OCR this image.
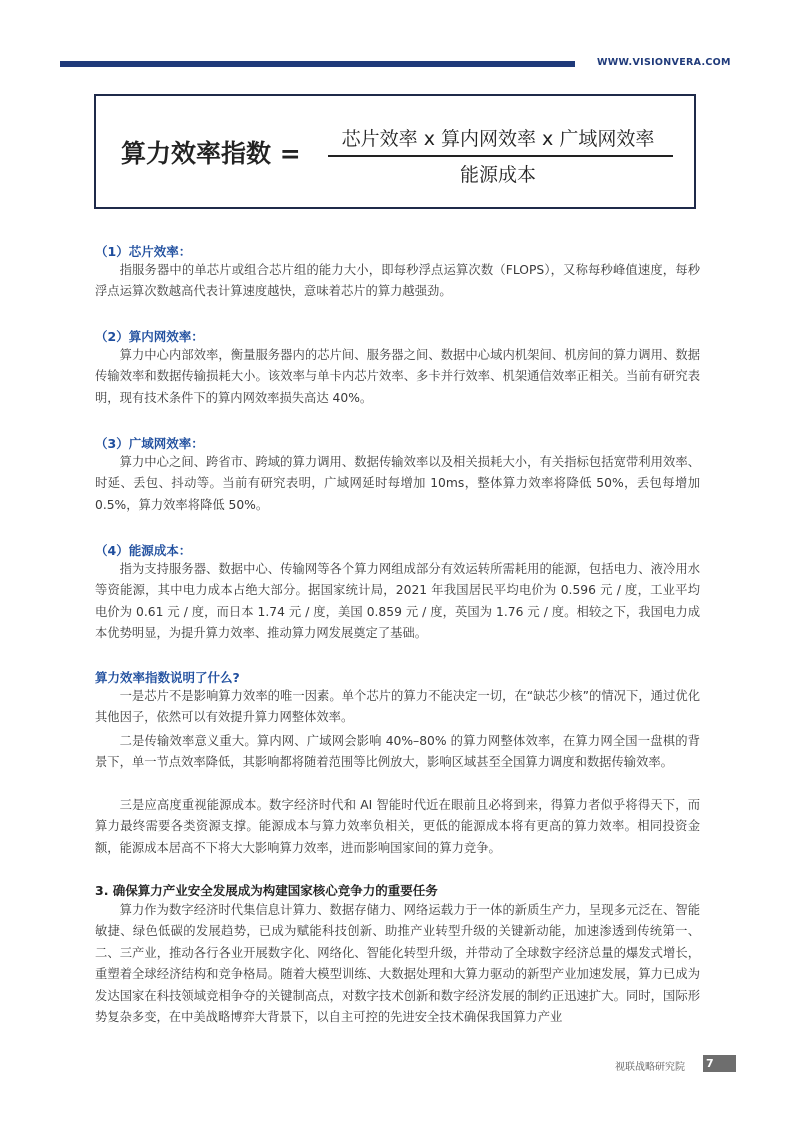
WWW.VISIONVERA.COM
算力效率指数 =	芯片效率 x 算内网效率 x 广域网效率
能源成本
（1）芯片效率：
指服务器中的单芯片或组合芯片组的能力大小，即每秒浮点运算次数（FLOPS），又称每秒峰值速度，每秒浮点运算次数越高代表计算速度越快，意味着芯片的算力越强劲。
（2）算内网效率：
算力中心内部效率，衡量服务器内的芯片间、服务器之间、数据中心域内机架间、机房间的算力调用、数据传输效率和数据传输损耗大小。该效率与单卡内芯片效率、多卡并行效率、机架通信效率正相关。当前有研究表明，现有技术条件下的算内网效率损失高达 40%。
（3）广域网效率：
算力中心之间、跨省市、跨域的算力调用、数据传输效率以及相关损耗大小，有关指标包括宽带利用效率、时延、丢包、抖动等。当前有研究表明，广域网延时每增加 10ms，整体算力效率将降低 50%，丢包每增加 0.5%，算力效率将降低 50%。
（4）能源成本：
指为支持服务器、数据中心、传输网等各个算力网组成部分有效运转所需耗用的能源，包括电力、液冷用水等资能源，其中电力成本占绝大部分。据国家统计局，2021 年我国居民平均电价为 0.596 元 / 度，工业平均电价为 0.61 元 / 度，而日本 1.74 元 / 度，美国 0.859 元 / 度，英国为 1.76 元 / 度。相较之下，我国电力成本优势明显，为提升算力效率、推动算力网发展奠定了基础。
算力效率指数说明了什么?
一是芯片不是影响算力效率的唯一因素。单个芯片的算力不能决定一切，在“缺芯少核”的情况下，通过优化其他因子，依然可以有效提升算力网整体效率。
二是传输效率意义重大。算内网、广域网会影响 40%–80% 的算力网整体效率，在算力网全国一盘棋的背景下，单一节点效率降低，其影响都将随着范围等比例放大，影响区域甚至全国算力调度和数据传输效率。
三是应高度重视能源成本。数字经济时代和 AI 智能时代近在眼前且必将到来，得算力者似乎将得天下，而算力最终需要各类资源支撑。能源成本与算力效率负相关，更低的能源成本将有更高的算力效率。相同投资金额，能源成本居高不下将大大影响算力效率，进而影响国家间的算力竞争。
3. 确保算力产业安全发展成为构建国家核心竞争力的重要任务
算力作为数字经济时代集信息计算力、数据存储力、网络运载力于一体的新质生产力，呈现多元泛在、智能敏捷、绿色低碳的发展趋势，已成为赋能科技创新、助推产业转型升级的关键新动能，加速渗透到传统第一、二、三产业，推动各行各业开展数字化、网络化、智能化转型升级，并带动了全球数字经济总量的爆发式增长，重塑着全球经济结构和竞争格局。随着大模型训练、大数据处理和大算力驱动的新型产业加速发展，算力已成为发达国家在科技领域竞相争夺的关键制高点，对数字技术创新和数字经济发展的制约正迅速扩大。同时，国际形势复杂多变，在中美战略博弈大背景下，以自主可控的先进安全技术确保我国算力产业
视联战略研究院 7
